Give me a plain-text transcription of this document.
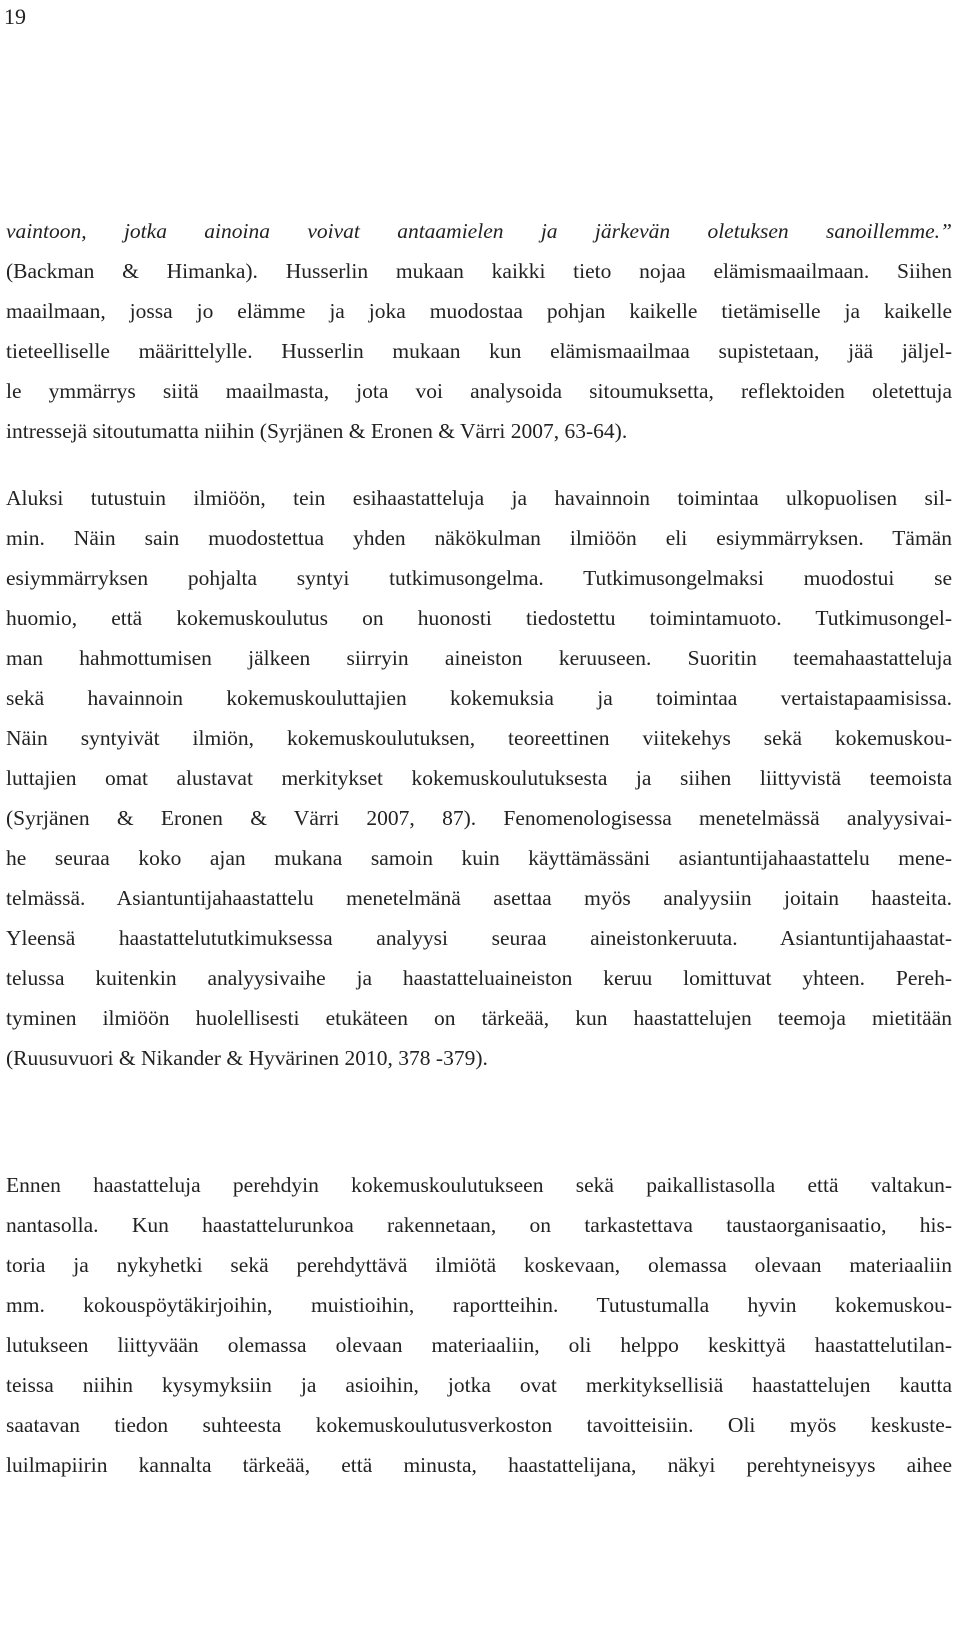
19
vaintoon, jotka ainoina voivat antaamielen ja järkevän oletuksen sanoillemme.”
(Backman & Himanka). Husserlin mukaan kaikki tieto nojaa elämismaailmaan. Siihen
maailmaan, jossa jo elämme ja joka muodostaa pohjan kaikelle tietämiselle ja kaikelle
tieteelliselle määrittelylle. Husserlin mukaan kun elämismaailmaa supistetaan, jää jäljel-
le ymmärrys siitä maailmasta, jota voi analysoida sitoumuksetta, reflektoiden oletettuja
intressejä sitoutumatta niihin (Syrjänen & Eronen & Värri 2007, 63-64).
Aluksi tutustuin ilmiöön, tein esihaastatteluja ja havainnoin toimintaa ulkopuolisen sil-
min. Näin sain muodostettua yhden näkökulman ilmiöön eli esiymmärryksen. Tämän
esiymmärryksen pohjalta syntyi tutkimusongelma. Tutkimusongelmaksi muodostui se
huomio, että kokemuskoulutus on huonosti tiedostettu toimintamuoto. Tutkimusongel-
man hahmottumisen jälkeen siirryin aineiston keruuseen. Suoritin teemahaastatteluja
sekä havainnoin kokemuskouluttajien kokemuksia ja toimintaa vertaistapaamisissa.
Näin syntyivät ilmiön, kokemuskoulutuksen, teoreettinen viitekehys sekä kokemuskou-
luttajien omat alustavat merkitykset kokemuskoulutuksesta ja siihen liittyvistä teemoista
(Syrjänen & Eronen & Värri 2007, 87). Fenomenologisessa menetelmässä analyysivai-
he seuraa koko ajan mukana samoin kuin käyttämässäni asiantuntijahaastattelu mene-
telmässä. Asiantuntijahaastattelu menetelmänä asettaa myös analyysiin joitain haasteita.
Yleensä haastattelututkimuksessa analyysi seuraa aineistonkeruuta. Asiantuntijahaastat-
telussa kuitenkin analyysivaihe ja haastatteluaineiston keruu lomittuvat yhteen. Pereh-
tyminen ilmiöön huolellisesti etukäteen on tärkeää, kun haastattelujen teemoja mietitään
(Ruusuvuori & Nikander & Hyvärinen 2010, 378 -379).
Ennen haastatteluja perehdyin kokemuskoulutukseen sekä paikallistasolla että valtakun-
nantasolla. Kun haastattelurunkoa rakennetaan, on tarkastettava taustaorganisaatio, his-
toria ja nykyhetki sekä perehdyttävä ilmiötä koskevaan, olemassa olevaan materiaaliin
mm. kokouspöytäkirjoihin, muistioihin, raportteihin. Tutustumalla hyvin kokemuskou-
lutukseen liittyvään olemassa olevaan materiaaliin, oli helppo keskittyä haastattelutilan-
teissa niihin kysymyksiin ja asioihin, jotka ovat merkityksellisiä haastattelujen kautta
saatavan tiedon suhteesta kokemuskoulutusverkoston tavoitteisiin. Oli myös keskuste-
luilmapiirin kannalta tärkeää, että minusta, haastattelijana, näkyi perehtyneisyys aihee
